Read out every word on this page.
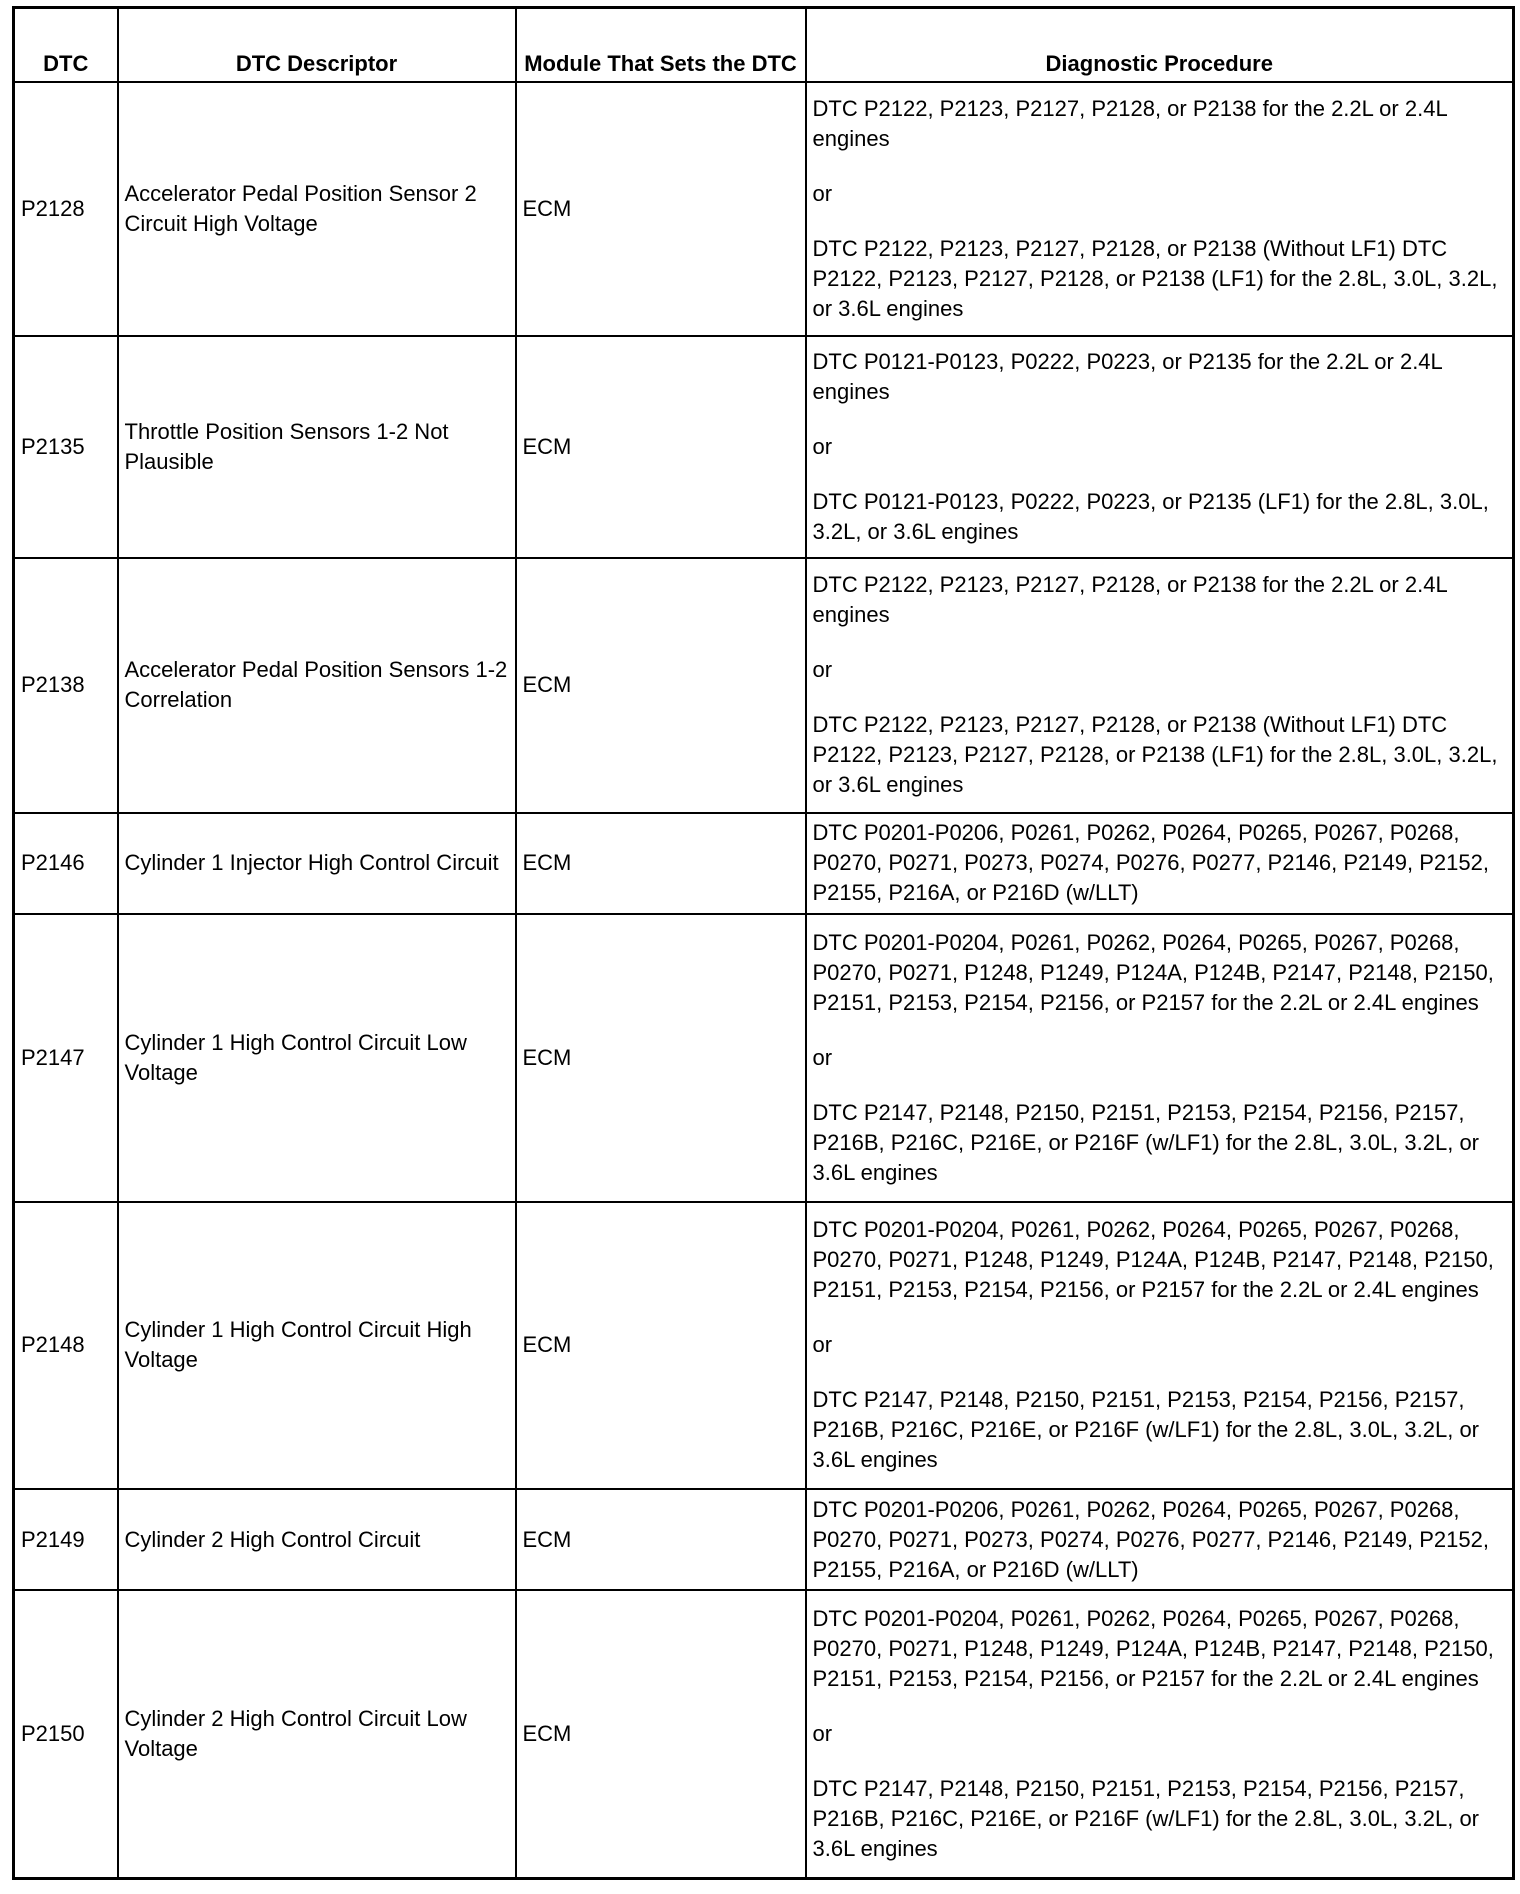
DTC	DTC Descriptor	Module That Sets the DTC	Diagnostic Procedure
P2128	Accelerator Pedal Position Sensor 2 Circuit High Voltage	ECM	DTC P2122, P2123, P2127, P2128, or P2138 for the 2.2L or 2.4L engines
or
DTC P2122, P2123, P2127, P2128, or P2138 (Without LF1) DTC P2122, P2123, P2127, P2128, or P2138 (LF1) for the 2.8L, 3.0L, 3.2L, or 3.6L engines

P2135	Throttle Position Sensors 1-2 Not Plausible	ECM	DTC P0121-P0123, P0222, P0223, or P2135 for the 2.2L or 2.4L engines
or
DTC P0121-P0123, P0222, P0223, or P2135 (LF1) for the 2.8L, 3.0L, 3.2L, or 3.6L engines

P2138	Accelerator Pedal Position Sensors 1-2 Correlation	ECM	DTC P2122, P2123, P2127, P2128, or P2138 for the 2.2L or 2.4L engines
or
DTC P2122, P2123, P2127, P2128, or P2138 (Without LF1) DTC P2122, P2123, P2127, P2128, or P2138 (LF1) for the 2.8L, 3.0L, 3.2L, or 3.6L engines

P2146	Cylinder 1 Injector High Control Circuit	ECM	DTC P0201-P0206, P0261, P0262, P0264, P0265, P0267, P0268, P0270, P0271, P0273, P0274, P0276, P0277, P2146, P2149, P2152, P2155, P216A, or P216D (w/LLT)

P2147	Cylinder 1 High Control Circuit Low Voltage	ECM	DTC P0201-P0204, P0261, P0262, P0264, P0265, P0267, P0268, P0270, P0271, P1248, P1249, P124A, P124B, P2147, P2148, P2150, P2151, P2153, P2154, P2156, or P2157 for the 2.2L or 2.4L engines
or
DTC P2147, P2148, P2150, P2151, P2153, P2154, P2156, P2157, P216B, P216C, P216E, or P216F (w/LF1) for the 2.8L, 3.0L, 3.2L, or 3.6L engines

P2148	Cylinder 1 High Control Circuit High Voltage	ECM	DTC P0201-P0204, P0261, P0262, P0264, P0265, P0267, P0268, P0270, P0271, P1248, P1249, P124A, P124B, P2147, P2148, P2150, P2151, P2153, P2154, P2156, or P2157 for the 2.2L or 2.4L engines
or
DTC P2147, P2148, P2150, P2151, P2153, P2154, P2156, P2157, P216B, P216C, P216E, or P216F (w/LF1) for the 2.8L, 3.0L, 3.2L, or 3.6L engines

P2149	Cylinder 2 High Control Circuit	ECM	DTC P0201-P0206, P0261, P0262, P0264, P0265, P0267, P0268, P0270, P0271, P0273, P0274, P0276, P0277, P2146, P2149, P2152, P2155, P216A, or P216D (w/LLT)

P2150	Cylinder 2 High Control Circuit Low Voltage	ECM	DTC P0201-P0204, P0261, P0262, P0264, P0265, P0267, P0268, P0270, P0271, P1248, P1249, P124A, P124B, P2147, P2148, P2150, P2151, P2153, P2154, P2156, or P2157 for the 2.2L or 2.4L engines
or
DTC P2147, P2148, P2150, P2151, P2153, P2154, P2156, P2157, P216B, P216C, P216E, or P216F (w/LF1) for the 2.8L, 3.0L, 3.2L, or 3.6L engines
